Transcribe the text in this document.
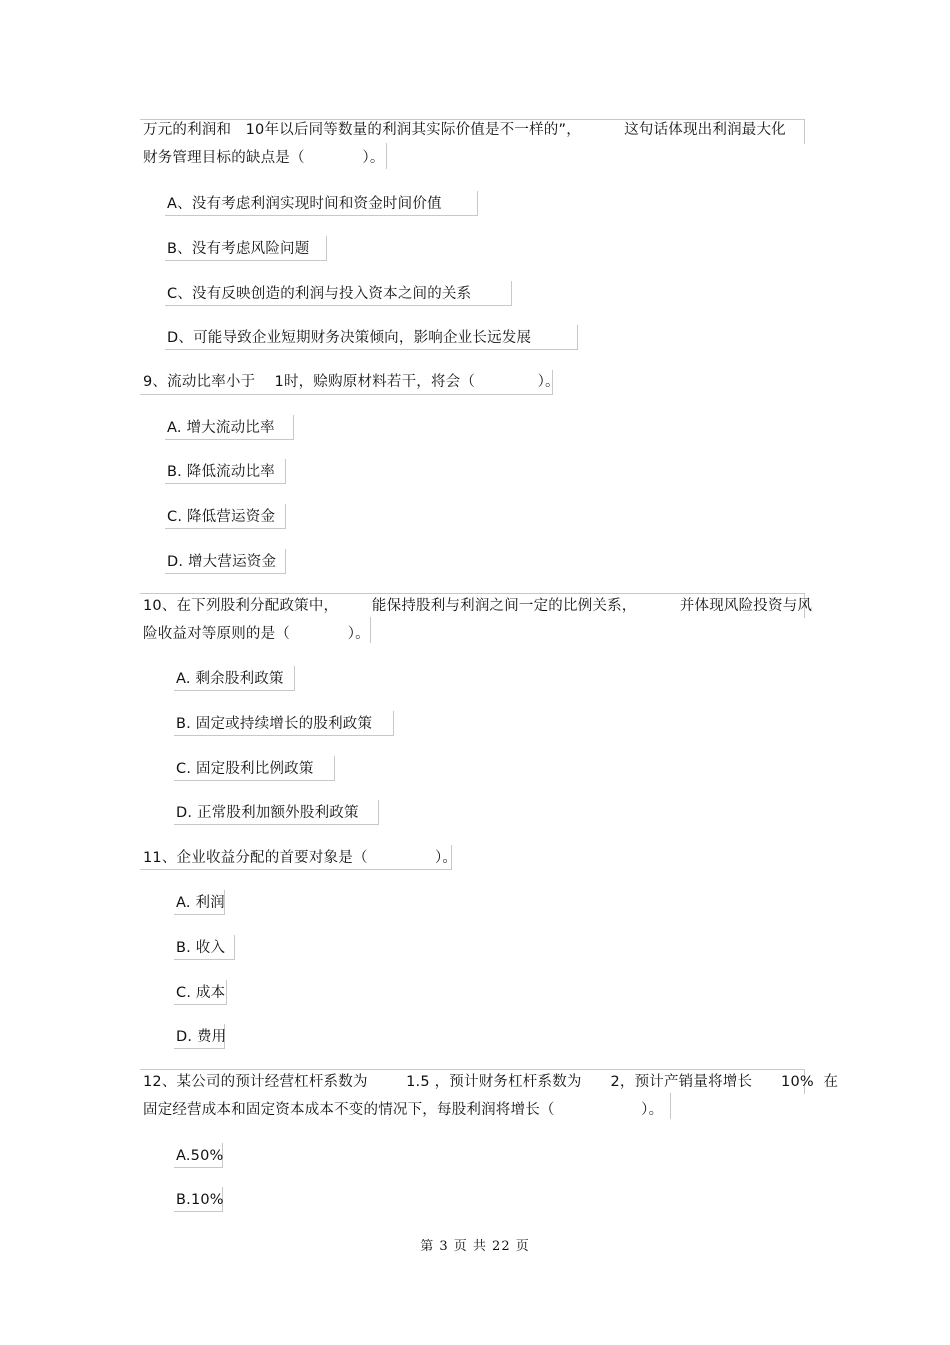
万元的利润和   10年以后同等数量的利润其实际价值是不一样的”，         这句话体现出利润最大化
财务管理目标的缺点是（            ）。
A、没有考虑利润实现时间和资金时间价值
B、没有考虑风险问题
C、没有反映创造的利润与投入资本之间的关系
D、可能导致企业短期财务决策倾向，影响企业长远发展
9、流动比率小于    1时，赊购原材料若干，将会（             ）。
A. 增大流动比率
B. 降低流动比率
C. 降低营运资金
D. 增大营运资金
10、在下列股利分配政策中，       能保持股利与利润之间一定的比例关系，         并体现风险投资与风
险收益对等原则的是（            ）。
A. 剩余股利政策
B. 固定或持续增长的股利政策
C. 固定股利比例政策
D. 正常股利加额外股利政策
11、企业收益分配的首要对象是（              ）。
A. 利润
B. 收入
C. 成本
D. 费用
12、某公司的预计经营杠杆系数为        1.5 ，预计财务杠杆系数为      2，预计产销量将增长      10%  在
固定经营成本和固定资本成本不变的情况下，每股利润将增长（                  ）。
A.50%
B.10%
第 3 页 共 22 页
